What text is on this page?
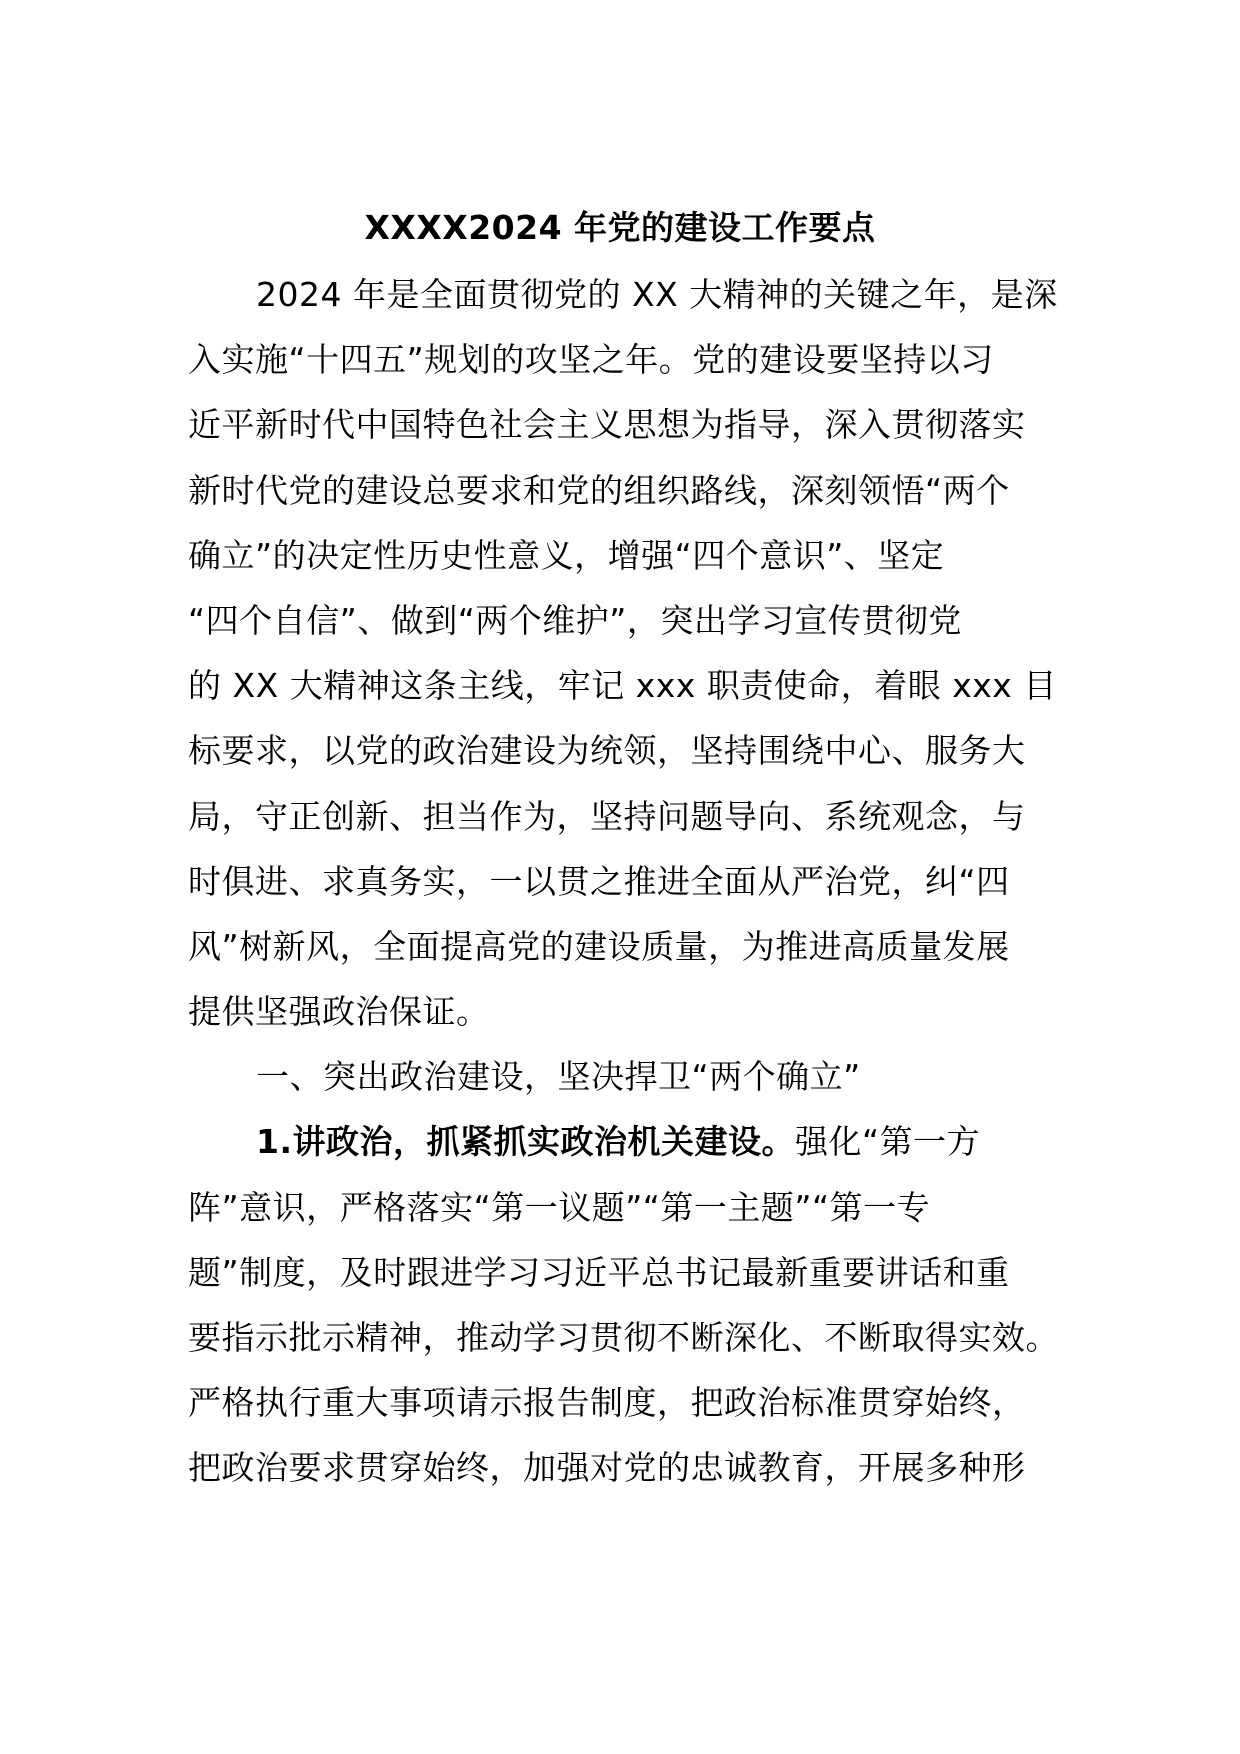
XXXX2024 年党的建设工作要点
2024 年是全面贯彻党的 XX 大精神的关键之年，是深
入实施“十四五”规划的攻坚之年。党的建设要坚持以习
近平新时代中国特色社会主义思想为指导，深入贯彻落实
新时代党的建设总要求和党的组织路线，深刻领悟“两个
确立”的决定性历史性意义，增强“四个意识”、坚定
“四个自信”、做到“两个维护”，突出学习宣传贯彻党
的 XX 大精神这条主线，牢记 xxx 职责使命，着眼 xxx 目
标要求，以党的政治建设为统领，坚持围绕中心、服务大
局，守正创新、担当作为，坚持问题导向、系统观念，与
时俱进、求真务实，一以贯之推进全面从严治党，纠“四
风”树新风，全面提高党的建设质量，为推进高质量发展
提供坚强政治保证。
一、突出政治建设，坚决捍卫“两个确立”
1.讲政治，抓紧抓实政治机关建设。强化“第一方
阵”意识，严格落实“第一议题”“第一主题”“第一专
题”制度，及时跟进学习习近平总书记最新重要讲话和重
要指示批示精神，推动学习贯彻不断深化、不断取得实效。
严格执行重大事项请示报告制度，把政治标准贯穿始终，
把政治要求贯穿始终，加强对党的忠诚教育，开展多种形
